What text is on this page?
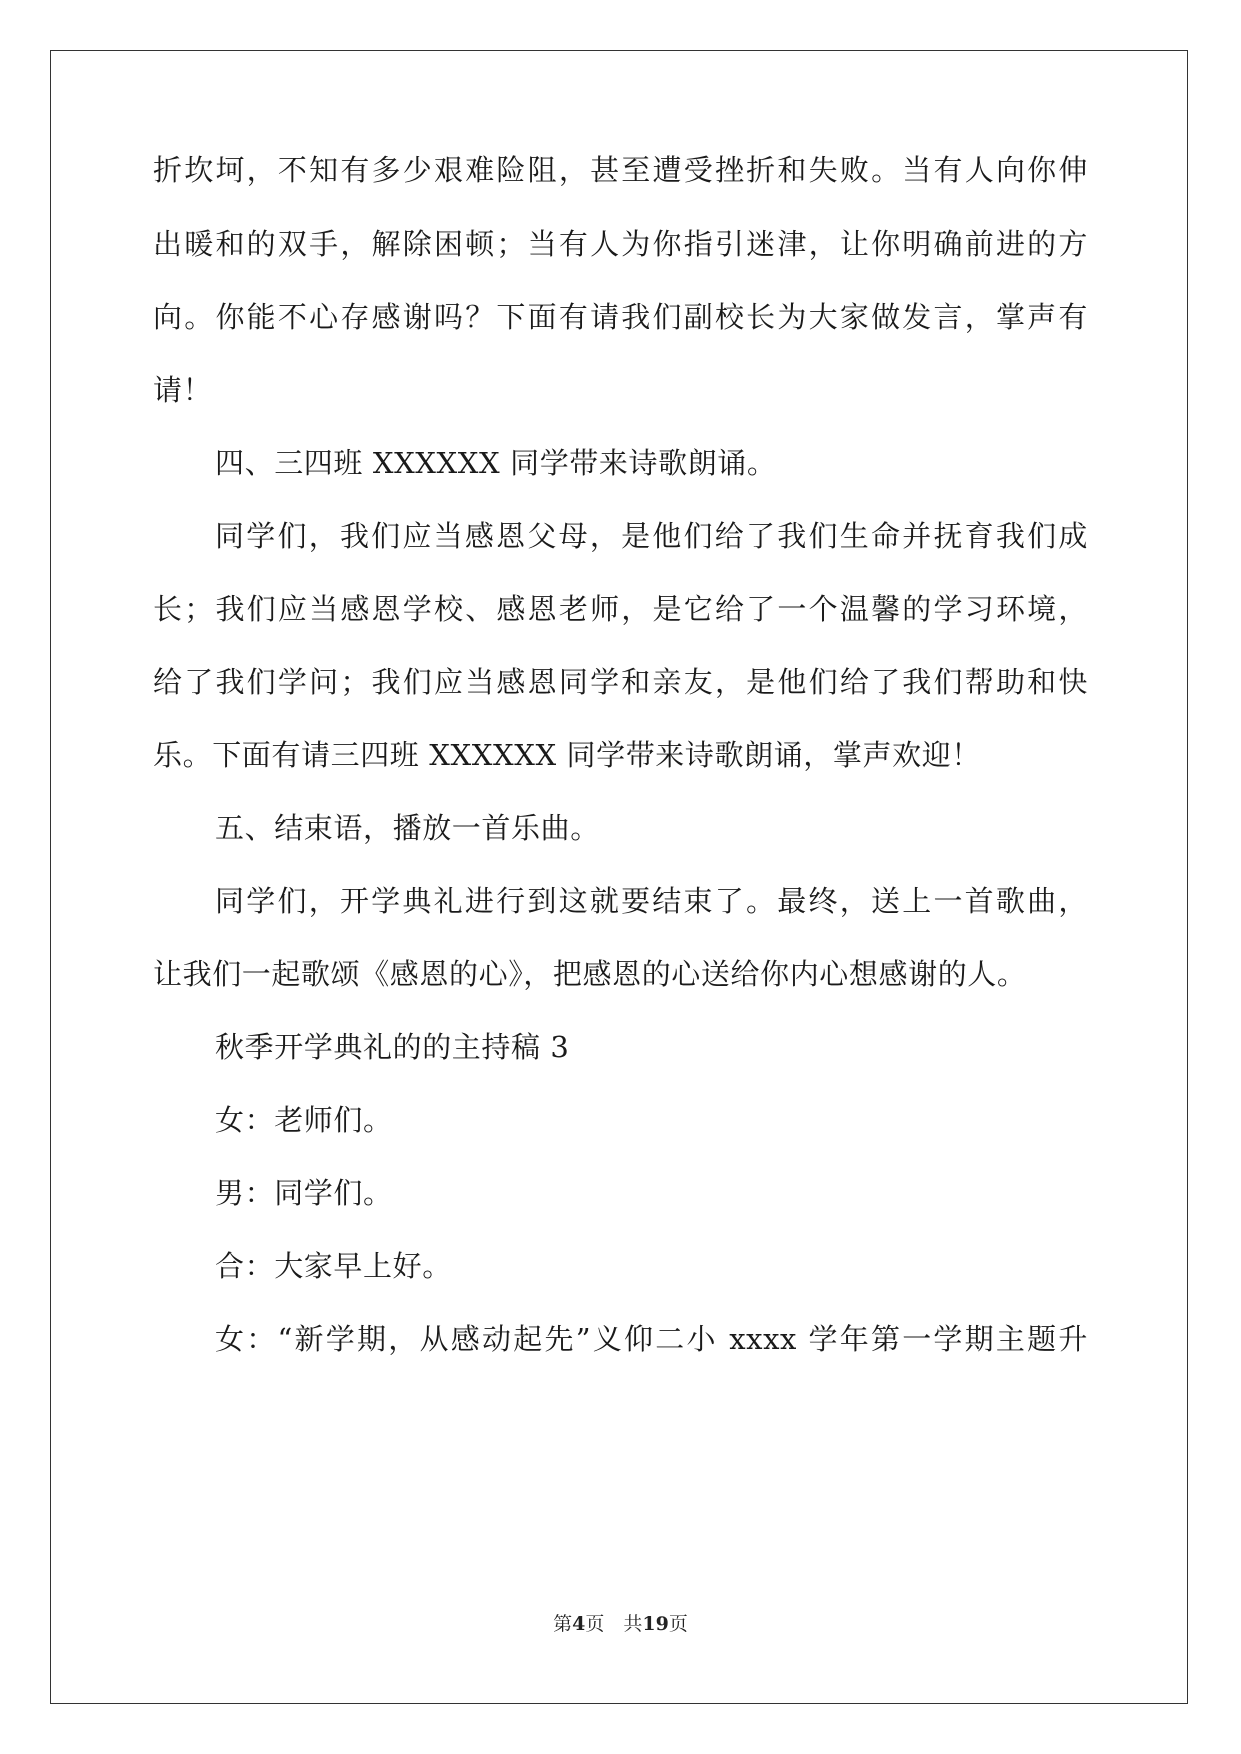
折坎坷，不知有多少艰难险阻，甚至遭受挫折和失败。当有人向你伸
出暖和的双手，解除困顿；当有人为你指引迷津，让你明确前进的方
向。你能不心存感谢吗？下面有请我们副校长为大家做发言，掌声有
请！
四、三四班 XXXXXX 同学带来诗歌朗诵。
同学们，我们应当感恩父母，是他们给了我们生命并抚育我们成
长；我们应当感恩学校、感恩老师，是它给了一个温馨的学习环境，
给了我们学问；我们应当感恩同学和亲友，是他们给了我们帮助和快
乐。下面有请三四班 XXXXXX 同学带来诗歌朗诵，掌声欢迎！
五、结束语，播放一首乐曲。
同学们，开学典礼进行到这就要结束了。最终，送上一首歌曲，
让我们一起歌颂《感恩的心》，把感恩的心送给你内心想感谢的人。
秋季开学典礼的的主持稿 3
女：老师们。
男：同学们。
合：大家早上好。
女：“新学期，从感动起先”义仰二小 xxxx 学年第一学期主题升
第4页　共19页
